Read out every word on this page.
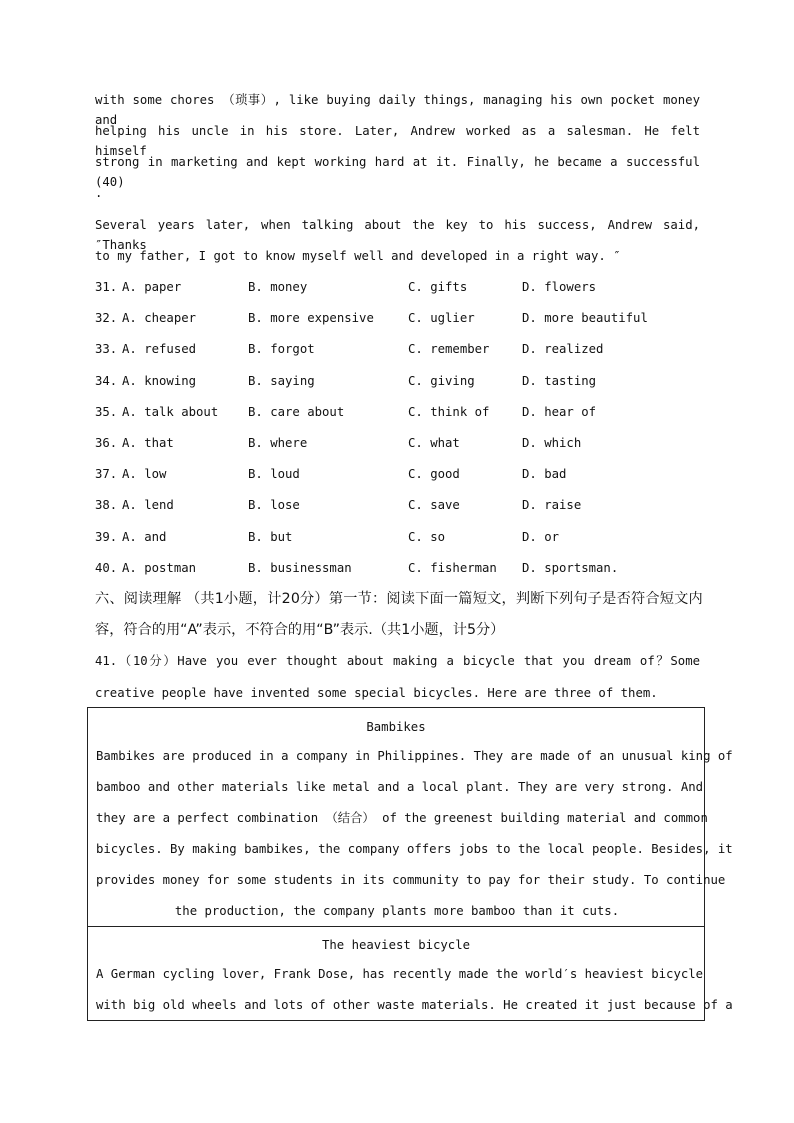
with some chores （琐事）, like buying daily things, managing his own pocket money and
helping his uncle in his store. Later, Andrew worked as a salesman. He felt himself
strong in marketing and kept working hard at it. Finally, he became a successful (40)
.
Several years later, when talking about the key to his success, Andrew said, ″Thanks
to my father, I got to know myself well and developed in a right way. ″
31. A. paper	B. money	C. gifts	D. flowers
32. A. cheaper	B. more expensive	C. uglier	D. more beautiful
33. A. refused	B. forgot	C. remember	D. realized
34. A. knowing	B. saying	C. giving	D. tasting
35. A. talk about B. care about	C. think of	D. hear of
36. A. that	B. where	C. what	D. which
37. A. low	B. loud	C. good	D. bad
38. A. lend	B. lose	C. save	D. raise
39. A. and	B. but	C. so	D. or
40. A. postman	B. businessman	C. fisherman D. sportsman.
六、阅读理解 （共1小题，计20分）第一节：阅读下面一篇短文，判断下列句子是否符合短文内
容，符合的用“A”表示，不符合的用“B”表示.（共1小题，计5分）
41.（10分）Have you ever thought about making a bicycle that you dream of？Some
creative people have invented some special bicycles. Here are three of them.
Bambikes
Bambikes are produced in a company in Philippines. They are made of an unusual king of
bamboo and other materials like metal and a local plant. They are very strong. And
they are a perfect combination （结合） of the greenest building material and common
bicycles. By making bambikes, the company offers jobs to the local people. Besides, it
provides money for some students in its community to pay for their study. To continue
the production, the company plants more bamboo than it cuts.
The heaviest bicycle
A German cycling lover, Frank Dose, has recently made the world′s heaviest bicycle
with big old wheels and lots of other waste materials. He created it just because of a
